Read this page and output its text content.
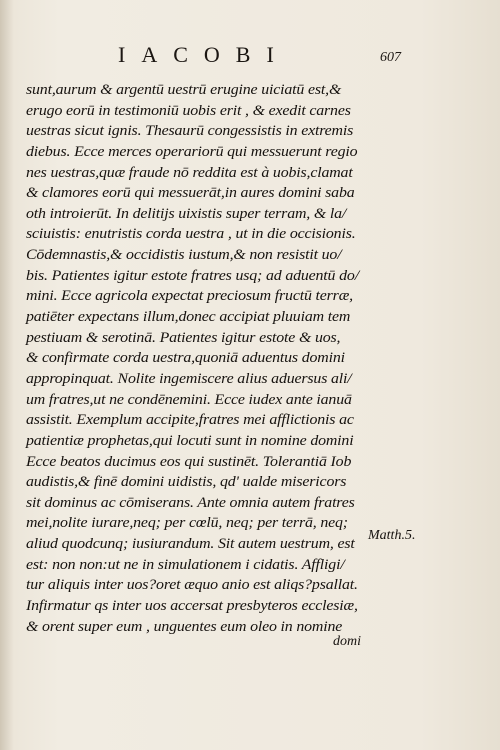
IACOBI	607
sunt,aurum & argentū uestrū erugine uiciatū est,&
erugo eorū in testimoniū uobis erit , & exedit carnes
uestras sicut ignis. Thesaurū congessistis in extremis
diebus. Ecce merces operariorū qui messuerunt regio
nes uestras,quæ fraude nō reddita est à uobis,clamat
& clamores eorū qui messuerāt,in aures domini saba
oth introierūt. In delitijs uixistis super terram, & la/
sciuistis: enutristis corda uestra , ut in die occisionis.
Cōdemnastis,& occidistis iustum,& non resistit uo/
bis. Patientes igitur estote fratres usq; ad aduentū do/
mini. Ecce agricola expectat preciosum fructū terræ,
patiēter expectans illum,donec accipiat pluuiam tem
pestiuam & serotinā. Patientes igitur estote & uos,
& confirmate corda uestra,quoniā aduentus domini
appropinquat. Nolite ingemiscere alius aduersus ali/
um fratres,ut ne condēnemini. Ecce iudex ante ianuā
assistit. Exemplum accipite,fratres mei afflictionis ac
patientiæ prophetas,qui locuti sunt in nomine domini
Ecce beatos ducimus eos qui sustinēt. Tolerantiā Iob
audistis,& finē domini uidistis, qd' ualde misericors
sit dominus ac cōmiserans. Ante omnia autem fratres
mei,nolite iurare,neq; per cœlū, neq; per terrā, neq;
aliud quodcunq; iusiurandum. Sit autem uestrum, est
est: non non:ut ne in simulationem i cidatis. Affligi/
tur aliquis inter uos?oret æquo anio est aliqs?psallat.
Infirmatur qs inter uos accersat presbyteros ecclesiæ,
& orent super eum , unguentes eum oleo in nomine
Matth.5.
domi
